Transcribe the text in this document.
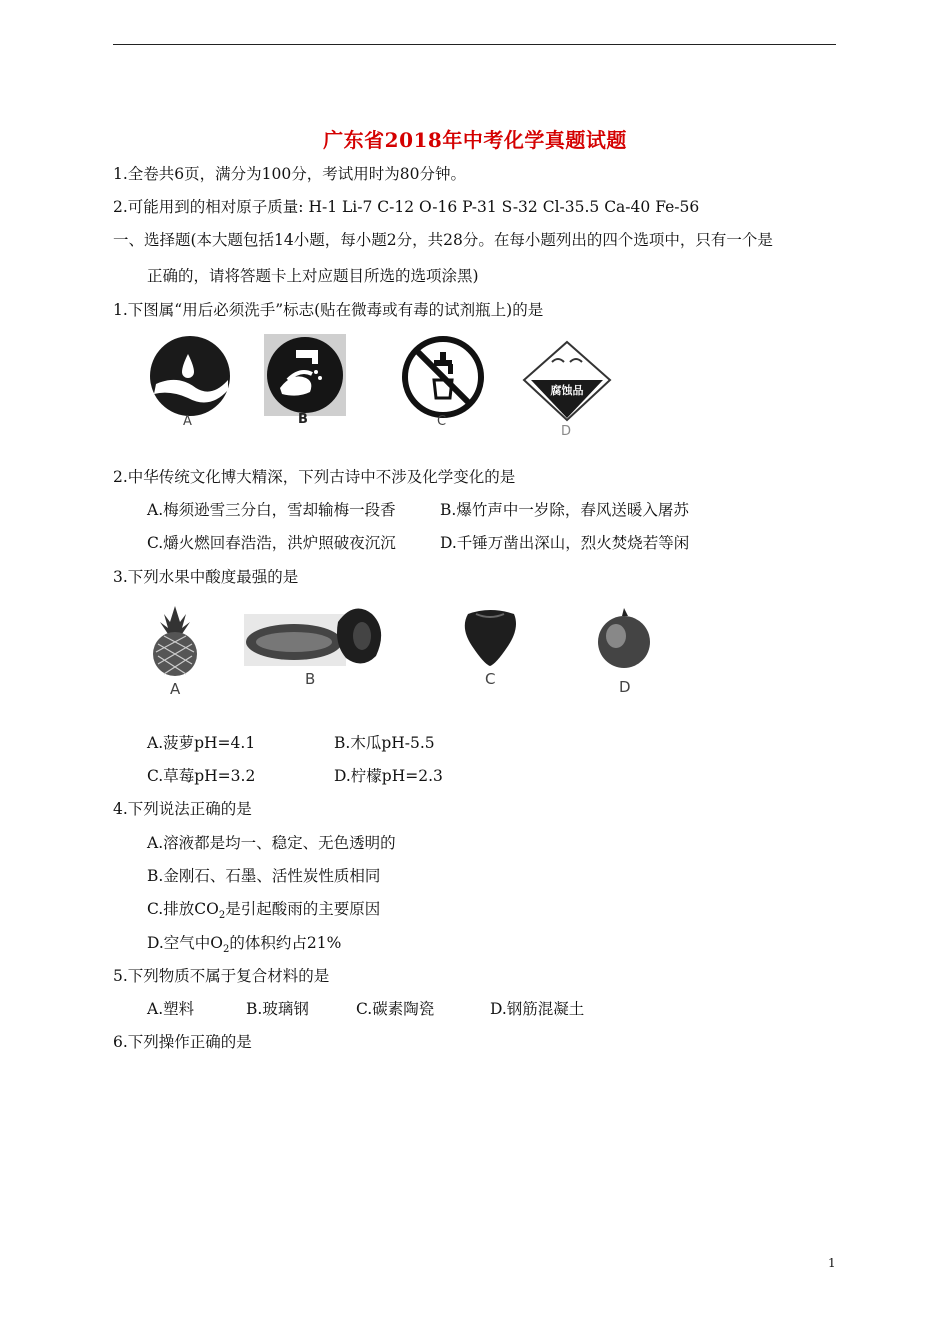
广东省2018年中考化学真题试题
1.全卷共6页，满分为100分，考试用时为80分钟。
2.可能用到的相对原子质量: H-1 Li-7 C-12 O-16 P-31 S-32 Cl-35.5 Ca-40 Fe-56
一、选择题(本大题包括14小题，每小题2分，共28分。在每小题列出的四个选项中，只有一个是
正确的，请将答题卡上对应题目所选的选项涂黑)
1.下图属“用后必须洗手”标志(贴在微毒或有毒的试剂瓶上)的是
A	B	C
腐蚀品
D
2.中华传统文化博大精深，下列古诗中不涉及化学变化的是
A.梅须逊雪三分白，雪却输梅一段香	B.爆竹声中一岁除，春风送暖入屠苏
C.爝火燃回春浩浩，洪炉照破夜沉沉	D.千锤万凿出深山，烈火焚烧若等闲
3.下列水果中酸度最强的是
A
B	C	D
A.菠萝pH=4.1	B.木瓜pH-5.5
C.草莓pH=3.2	D.柠檬pH=2.3
4.下列说法正确的是
A.溶液都是均一、稳定、无色透明的
B.金刚石、石墨、活性炭性质相同
C.排放$CO_2$是引起酸雨的主要原因
D.空气中$O_2$的体积约占21%
5.下列物质不属于复合材料的是
A.塑料	B.玻璃钢	C.碳素陶瓷	D.钢筋混凝土
6.下列操作正确的是
1
